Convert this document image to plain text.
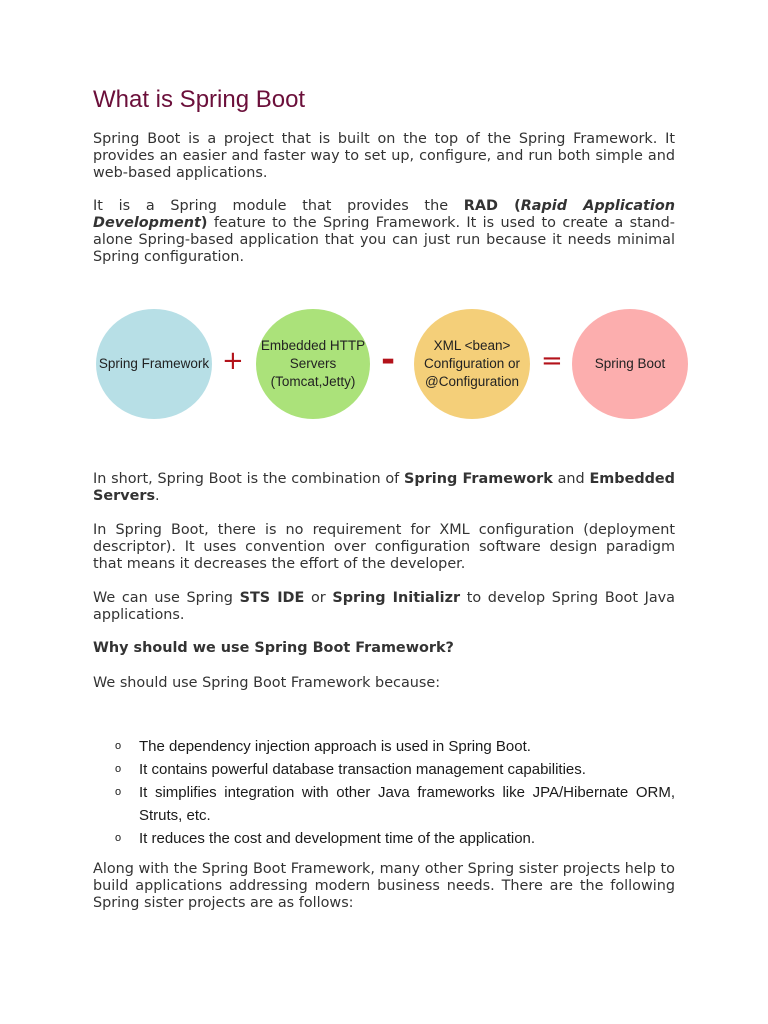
What is Spring Boot

Spring Boot is a project that is built on the top of the Spring Framework. It provides an easier and faster way to set up, configure, and run both simple and web-based applications.

It is a Spring module that provides the RAD (Rapid Application Development) feature to the Spring Framework. It is used to create a stand-alone Spring-based application that you can just run because it needs minimal Spring configuration.

In short, Spring Boot is the combination of Spring Framework and Embedded Servers.

In Spring Boot, there is no requirement for XML configuration (deployment descriptor). It uses convention over configuration software design paradigm that means it decreases the effort of the developer.

We can use Spring STS IDE or Spring Initializr to develop Spring Boot Java applications.

Why should we use Spring Boot Framework?

We should use Spring Boot Framework because:

o The dependency injection approach is used in Spring Boot.
o It contains powerful database transaction management capabilities.
o It simplifies integration with other Java frameworks like JPA/Hibernate ORM, Struts, etc.
o It reduces the cost and development time of the application.

Along with the Spring Boot Framework, many other Spring sister projects help to build applications addressing modern business needs. There are the following Spring sister projects are as follows:

Spring Framework +
Embedded HTTP
Servers
(Tomcat,Jetty)
-	XML <bean>
Configuration or
@Configuration
=	Spring Boot
